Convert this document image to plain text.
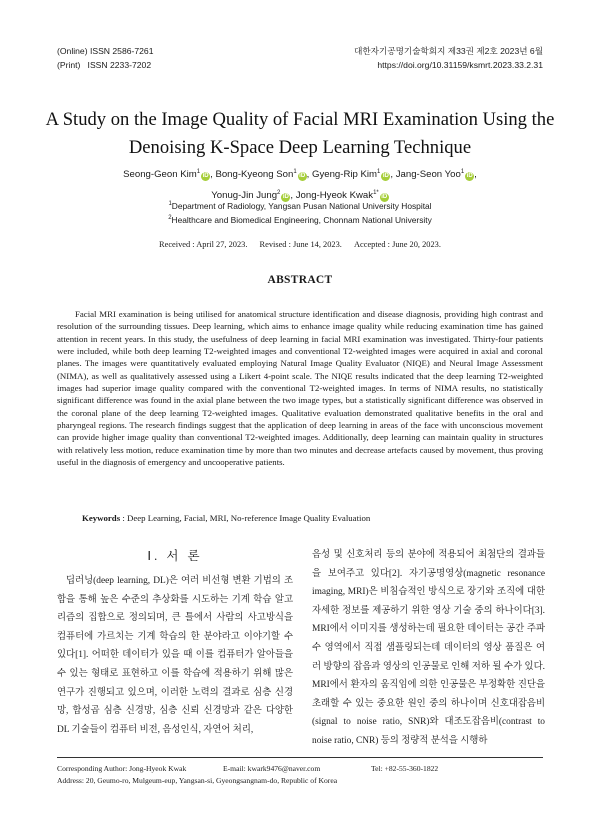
(Online) ISSN 2586-7261
(Print)   ISSN 2233-7202
대한자기공명기술학회지 제33권 제2호 2023년 6월
https://doi.org/10.31159/ksmrt.2023.33.2.31
A Study on the Image Quality of Facial MRI Examination Using the
Denoising K-Space Deep Learning Technique
Seong-Geon Kim$^1$iD , Bong-Kyeong Son$^1$iD , Gyeng-Rip Kim$^1$iD , Jang-Seon Yoo$^1$iD ,
Yonug-Jin Jung$^2$iD , Jong-Hyeok Kwak$^{1*}$iD
$^1$Department of Radiology, Yangsan Pusan National University Hospital
$^2$Healthcare and Biomedical Engineering, Chonnam National University
Received : April 27, 2023. Revised : June 14, 2023. Accepted : June 20, 2023.
ABSTRACT

Facial MRI examination is being utilised for anatomical structure identification and disease diagnosis, providing high contrast and resolution of the surrounding tissues. Deep learning, which aims to enhance image quality while reducing examination time has gained attention in recent years. In this study, the usefulness of deep learning in facial MRI examination was investigated. Thirty-four patients were included, while both deep learning T2-weighted images and conventional T2-weighted images were acquired in axial and coronal planes. The images were quantitatively evaluated employing Natural Image Quality Evaluator (NIQE) and Neural Image Assessment (NIMA), as well as qualitatively assessed using a Likert 4-point scale. The NIQE results indicated that the deep learning T2-weighted images had superior image quality compared with the conventional T2-weighted images. In terms of NIMA results, no statistically significant difference was found in the axial plane between the two image types, but a statistically significant difference was observed in the coronal plane of the deep learning T2-weighted images. Qualitative evaluation demonstrated qualitative benefits in the oral and pharyngeal regions. The research findings suggest that the application of deep learning in areas of the face with unconscious movement can provide higher image quality than conventional T2-weighted images. Additionally, deep learning can maintain quality in structures with relatively less motion, reduce examination time by more than two minutes and decrease artefacts caused by movement, thus proving useful in the diagnosis of emergency and uncooperative patients.

Keywords : Deep Learning, Facial, MRI, No-reference Image Quality Evaluation
Ⅰ. 서 론

딥러닝(deep learning, DL)은 여러 비선형 변환 기법의 조합을 통해 높은 수준의 추상화를 시도하는 기계 학습 알고리즘의 집합으로 정의되며, 큰 틀에서 사람의 사고방식을 컴퓨터에 가르치는 기계 학습의 한 분야라고 이야기할 수 있다[1]. 어떠한 데이터가 있을 때 이를 컴퓨터가 알아들을 수 있는 형태로 표현하고 이를 학습에 적용하기 위해 많은 연구가 진행되고 있으며, 이러한 노력의 결과로 심층 신경망, 합성곱 심층 신경망, 심층 신뢰 신경망과 같은 다양한 DL 기술들이 컴퓨터 비전, 음성인식, 자연어 처리,

음성 및 신호처리 등의 분야에 적용되어 최첨단의 결과들을 보여주고 있다[2]. 자기공명영상(magnetic resonance imaging, MRI)은 비침습적인 방식으로 장기와 조직에 대한 자세한 정보를 제공하기 위한 영상 기술 중의 하나이다[3]. MRI에서 이미지를 생성하는데 필요한 데이터는 공간 주파수 영역에서 직접 샘플링되는데 데이터의 영상 품질은 여러 방향의 잡음과 영상의 인공물로 인해 저하 될 수가 있다. MRI에서 환자의 움직임에 의한 인공물은 부정확한 진단을 초래할 수 있는 중요한 원인 중의 하나이며 신호대잡음비(signal to noise ratio, SNR)와 대조도잡음비(contrast to noise ratio, CNR) 등의 정량적 분석을 시행하

Corresponding Author: Jong-Hyeok Kwak	E-mail: kwark9476@naver.com	Tel: +82-55-360-1822
Address: 20, Geumo-ro, Mulgeum-eup, Yangsan-si, Gyeongsangnam-do, Republic of Korea
